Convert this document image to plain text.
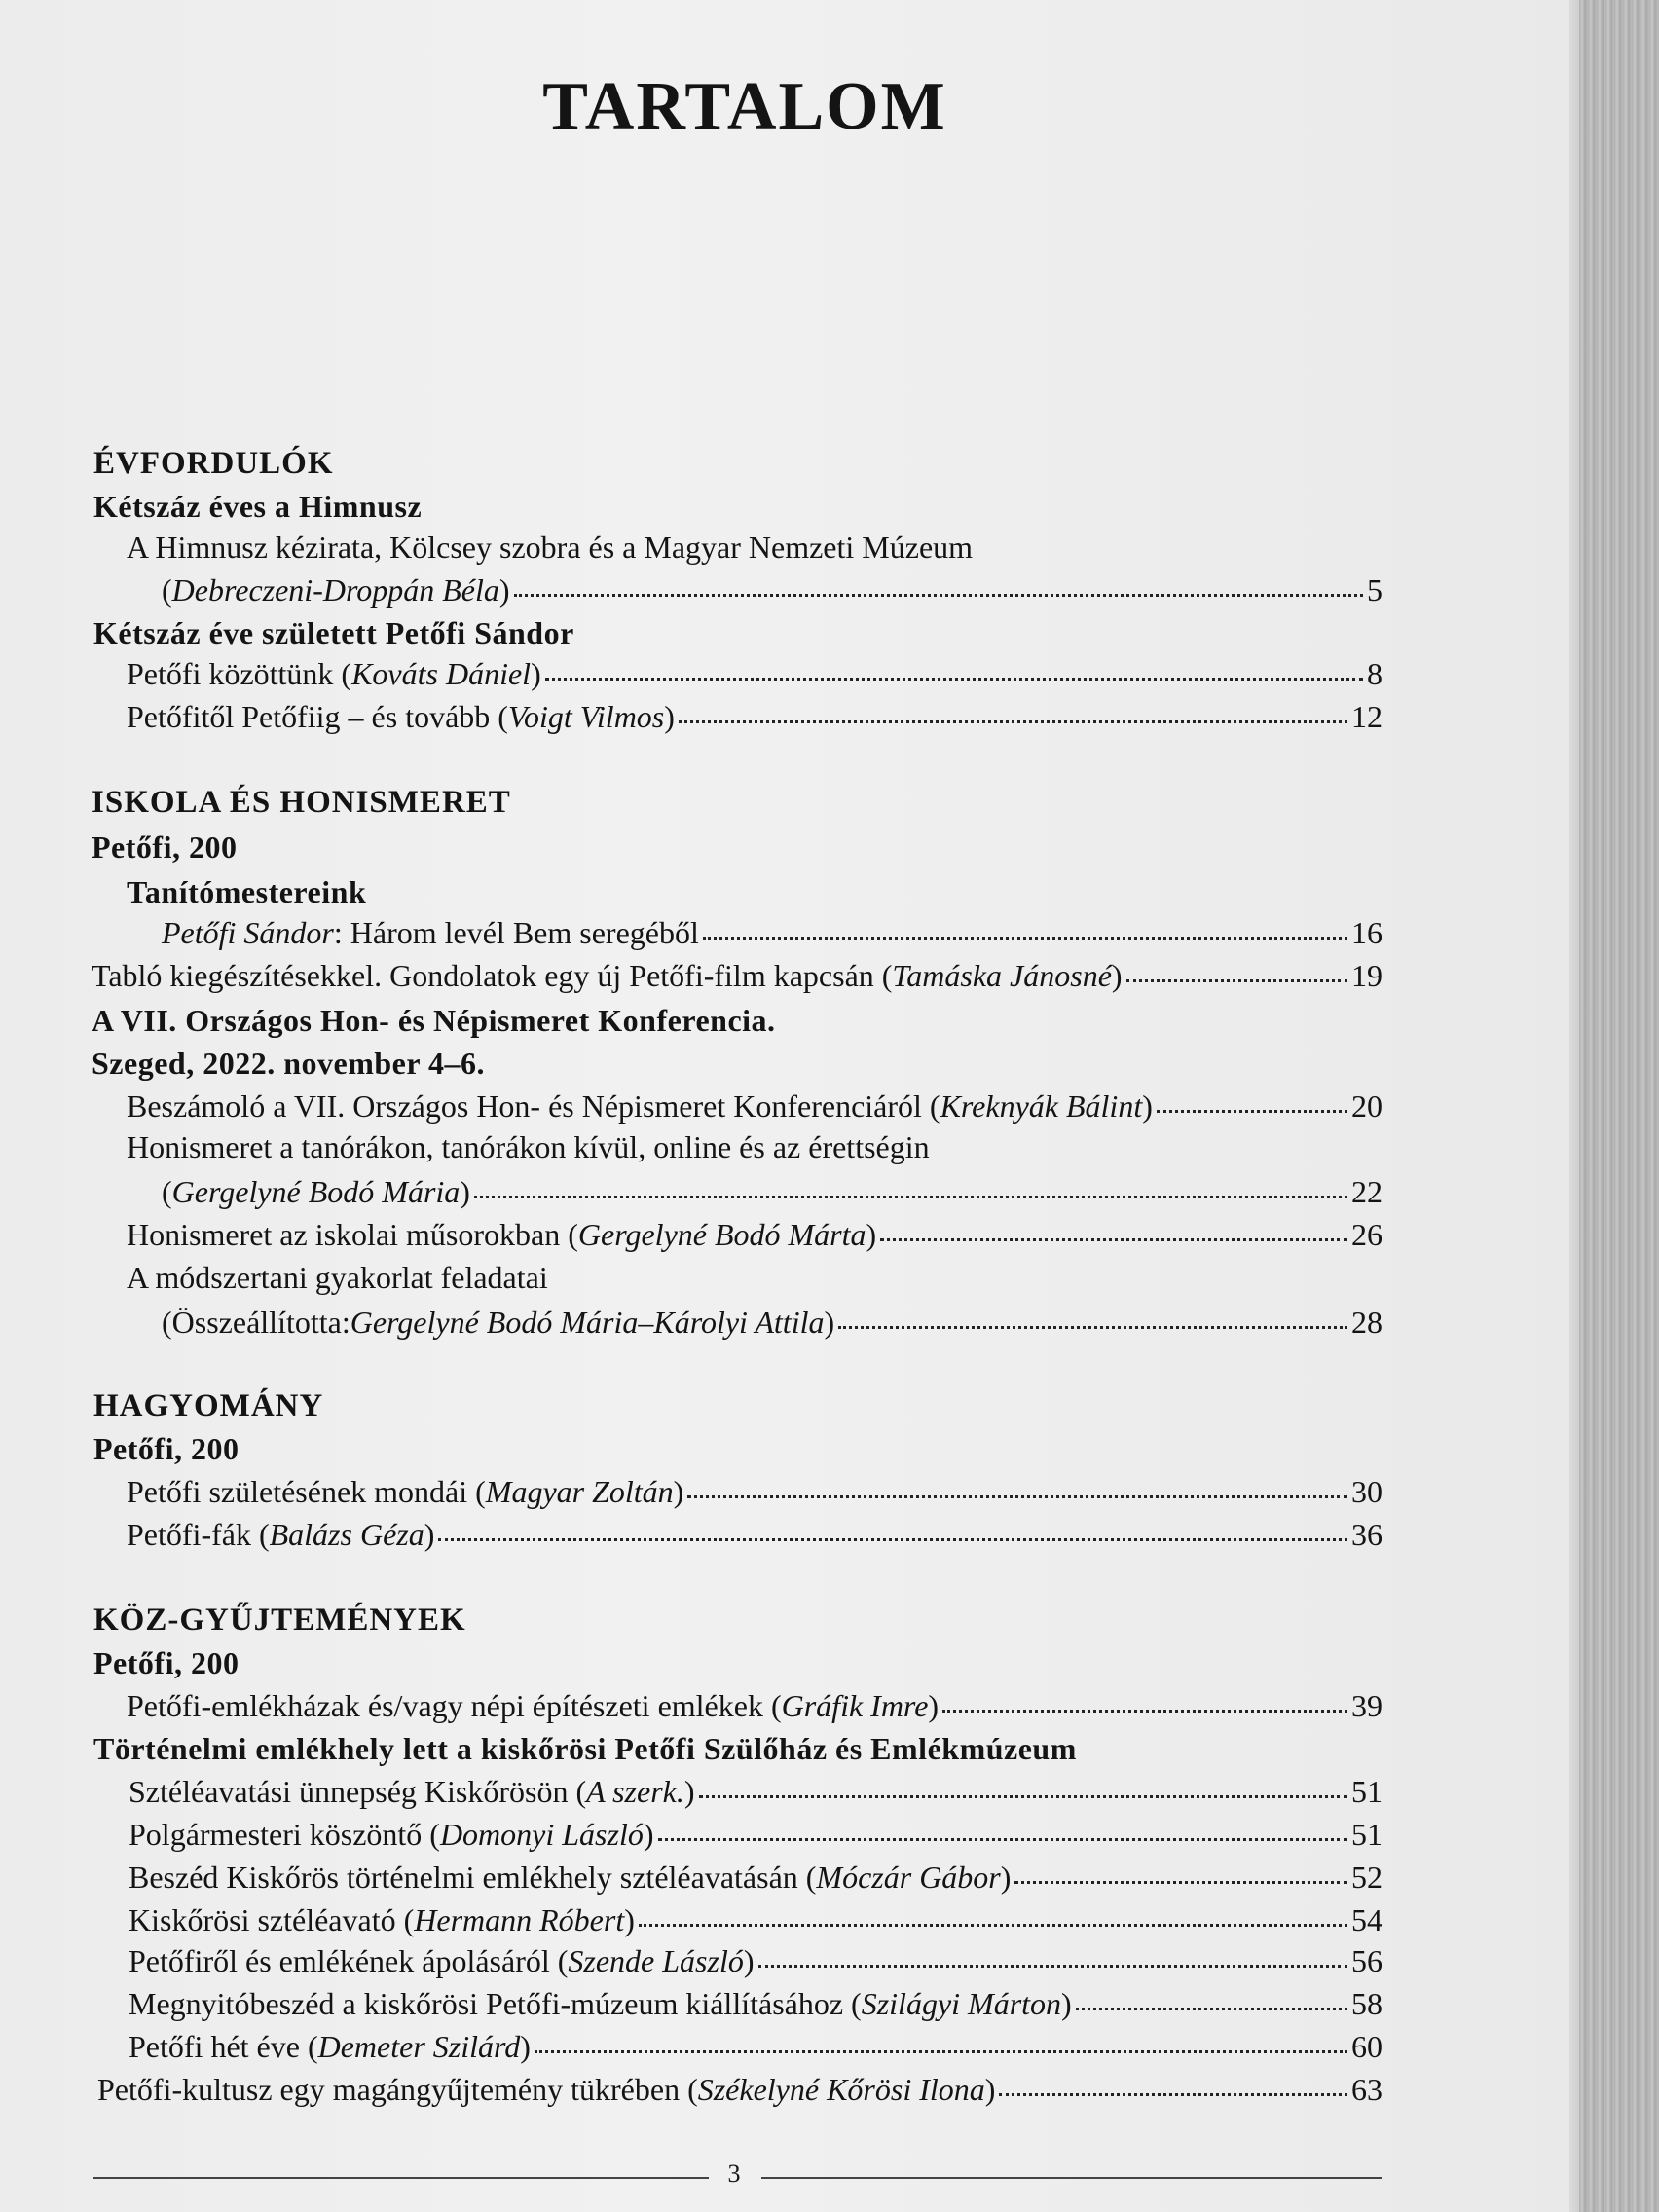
TARTALOM
ÉVFORDULÓK
Kétszáz éves a Himnusz
A Himnusz kézirata, Kölcsey szobra és a Magyar Nemzeti Múzeum
( Debreczeni-Droppán Béla )	5
Kétszáz éve született Petőfi Sándor
Petőfi közöttünk ( Kováts Dániel )	8
Petőfitől Petőfiig – és tovább ( Voigt Vilmos )	12
ISKOLA ÉS HONISMERET
Petőfi, 200
Tanítómestereink
Petőfi Sándor : Három levél Bem seregéből	16
Tabló kiegészítésekkel. Gondolatok egy új Petőfi-film kapcsán ( Tamáska Jánosné )	19
A VII. Országos Hon- és Népismeret Konferencia.
Szeged, 2022. november 4–6.
Beszámoló a VII. Országos Hon- és Népismeret Konferenciáról ( Kreknyák Bálint )	20
Honismeret a tanórákon, tanórákon kívül, online és az érettségin
( Gergelyné Bodó Mária )	22
Honismeret az iskolai műsorokban ( Gergelyné Bodó Márta )	26
A módszertani gyakorlat feladatai
(Összeállította: Gergelyné Bodó Mária–Károlyi Attila )	28
HAGYOMÁNY
Petőfi, 200
Petőfi születésének mondái ( Magyar Zoltán )	30
Petőfi-fák ( Balázs Géza )	36
KÖZ-GYŰJTEMÉNYEK
Petőfi, 200
Petőfi-emlékházak és/vagy népi építészeti emlékek ( Gráfik Imre )	39
Történelmi emlékhely lett a kiskőrösi Petőfi Szülőház és Emlékmúzeum
Sztéléavatási ünnepség Kiskőrösön ( A szerk. )	51
Polgármesteri köszöntő ( Domonyi László )	51
Beszéd Kiskőrös történelmi emlékhely sztéléavatásán ( Móczár Gábor )	52
Kiskőrösi sztéléavató ( Hermann Róbert )	54
Petőfiről és emlékének ápolásáról ( Szende László )	56
Megnyitóbeszéd a kiskőrösi Petőfi-múzeum kiállításához ( Szilágyi Márton )	58
Petőfi hét éve ( Demeter Szilárd )	60
Petőfi-kultusz egy magángyűjtemény tükrében ( Székelyné Kőrösi Ilona )	63
3
